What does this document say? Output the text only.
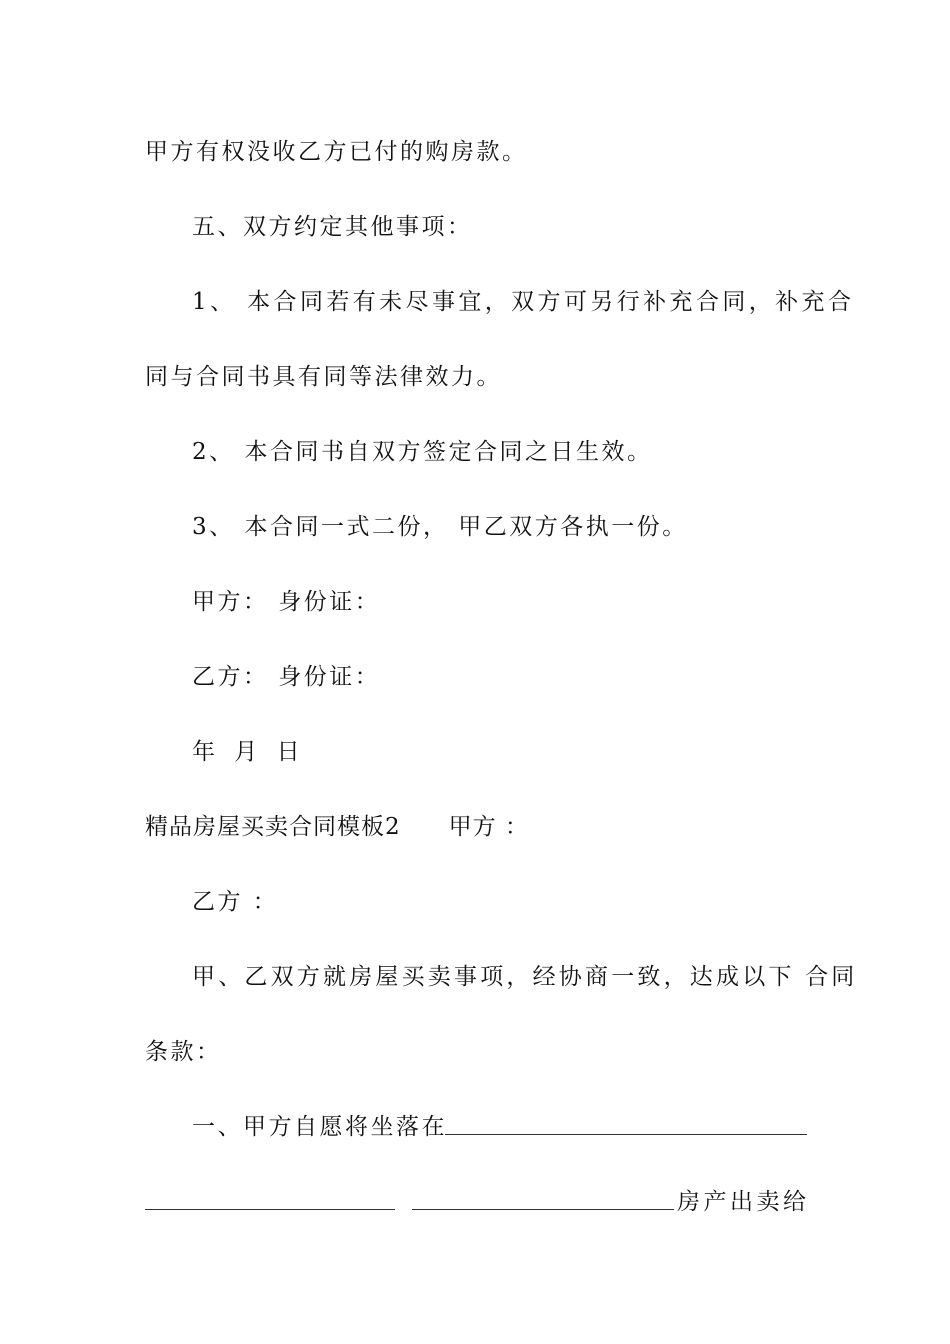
甲方有权没收乙方已付的购房款。
五、双方约定其他事项：
1、 本合同若有未尽事宜，双方可另行补充合同，补充合
同与合同书具有同等法律效力。
2、 本合同书自双方签定合同之日生效。
3、 本合同一式二份， 甲乙双方各执一份。
甲方： 身份证：
乙方： 身份证：
年 月 日
精品房屋买卖合同模板2 甲方 ：
乙方 ：
甲、乙双方就房屋买卖事项，经协商一致，达成以下 合同
条款：
一、甲方自愿将坐落在
房产出卖给
